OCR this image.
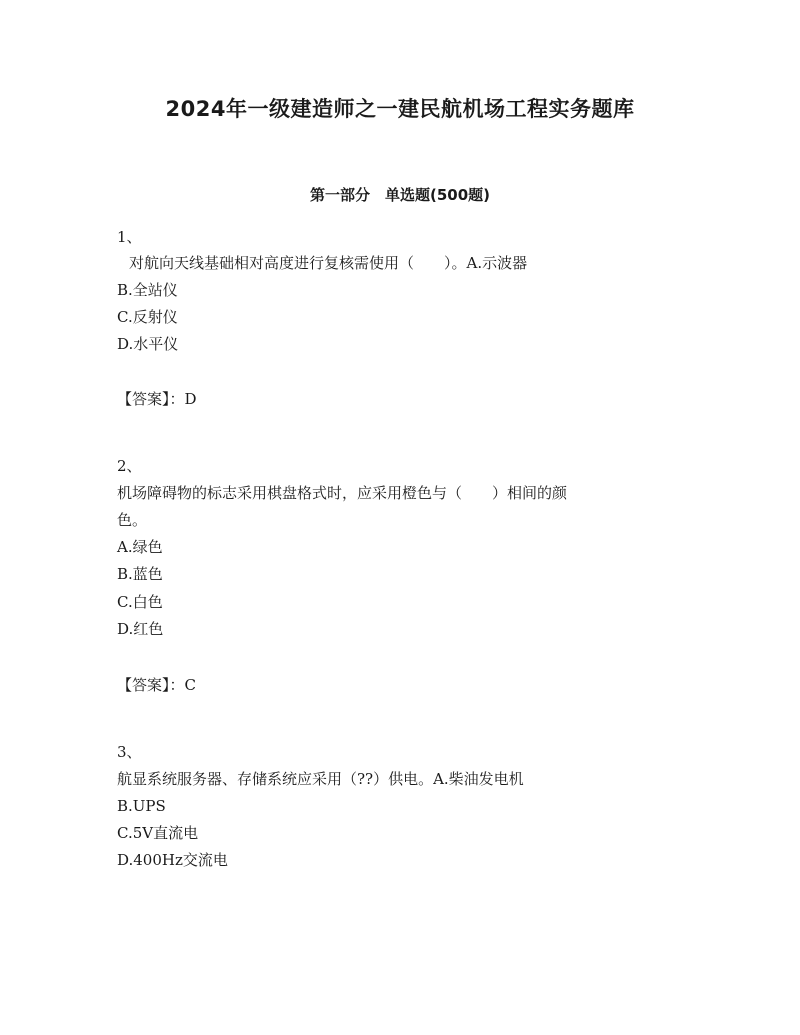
2024年一级建造师之一建民航机场工程实务题库
第一部分　单选题(500题)
1、
对航向天线基础相对高度进行复核需使用（　　）。A.示波器
B.全站仪
C.反射仪
D.水平仪
【答案】：D
2、
机场障碍物的标志采用棋盘格式时，应采用橙色与（　　）相间的颜
色。
A.绿色
B.蓝色
C.白色
D.红色
【答案】：C
3、
航显系统服务器、存储系统应采用（??）供电。A.柴油发电机
B.UPS
C.5V直流电
D.400Hz交流电
